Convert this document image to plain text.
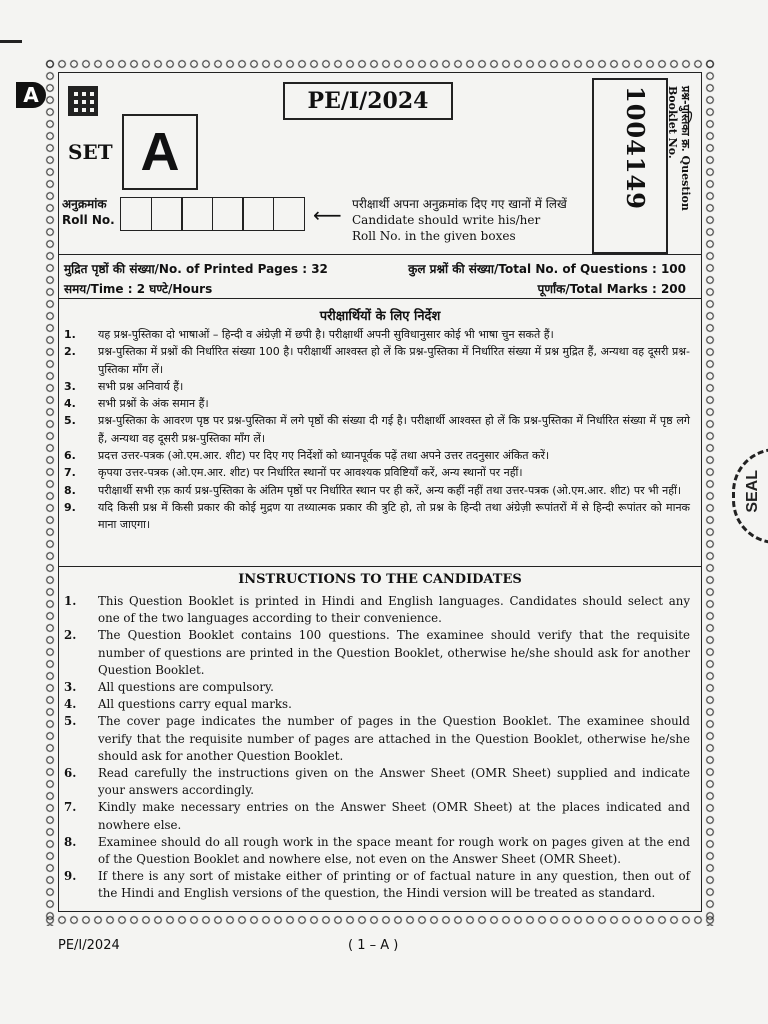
A	PE/I/2024
SET A
अनुक्रमांक
Roll No.	⟵ परीक्षार्थी अपना अनुक्रमांक दिए गए खानों में लिखें
Candidate should write his/her
Roll No. in the given boxes
1004149	प्रश्न-पुस्तिका क्र. Question Booklet No.
मुद्रित पृष्ठों की संख्या/No. of Printed Pages : 32
समय/Time : 2 घण्टे/Hours
कुल प्रश्नों की संख्या/Total No. of Questions : 100
पूर्णांक/Total Marks : 200
परीक्षार्थियों के लिए निर्देश
1.	यह प्रश्न-पुस्तिका दो भाषाओं – हिन्दी व अंग्रेज़ी में छपी है। परीक्षार्थी अपनी सुविधानुसार कोई भी भाषा चुन सकते हैं।
2.	प्रश्न-पुस्तिका में प्रश्नों की निर्धारित संख्या 100 है। परीक्षार्थी आश्वस्त हो लें कि प्रश्न-पुस्तिका में निर्धारित संख्या में प्रश्न मुद्रित हैं, अन्यथा वह दूसरी प्रश्न-पुस्तिका माँग लें।
3.	सभी प्रश्न अनिवार्य हैं।
4.	सभी प्रश्नों के अंक समान हैं।
5.	प्रश्न-पुस्तिका के आवरण पृष्ठ पर प्रश्न-पुस्तिका में लगे पृष्ठों की संख्या दी गई है। परीक्षार्थी आश्वस्त हो लें कि प्रश्न-पुस्तिका में निर्धारित संख्या में पृष्ठ लगे हैं, अन्यथा वह दूसरी प्रश्न-पुस्तिका माँग लें।
6.	प्रदत्त उत्तर-पत्रक (ओ.एम.आर. शीट) पर दिए गए निर्देशों को ध्यानपूर्वक पढ़ें तथा अपने उत्तर तदनुसार अंकित करें।
7.	कृपया उत्तर-पत्रक (ओ.एम.आर. शीट) पर निर्धारित स्थानों पर आवश्यक प्रविष्टियाँ करें, अन्य स्थानों पर नहीं।
8.	परीक्षार्थी सभी रफ़ कार्य प्रश्न-पुस्तिका के अंतिम पृष्ठों पर निर्धारित स्थान पर ही करें, अन्य कहीं नहीं तथा उत्तर-पत्रक (ओ.एम.आर. शीट) पर भी नहीं।
9.	यदि किसी प्रश्न में किसी प्रकार की कोई मुद्रण या तथ्यात्मक प्रकार की त्रुटि हो, तो प्रश्न के हिन्दी तथा अंग्रेज़ी रूपांतरों में से हिन्दी रूपांतर को मानक माना जाएगा।
INSTRUCTIONS TO THE CANDIDATES
1.	This Question Booklet is printed in Hindi and English languages. Candidates should select any one of the two languages according to their convenience.
2.	The Question Booklet contains 100 questions. The examinee should verify that the requisite number of questions are printed in the Question Booklet, otherwise he/she should ask for another Question Booklet.
3.	All questions are compulsory.
4.	All questions carry equal marks.
5.	The cover page indicates the number of pages in the Question Booklet. The examinee should verify that the requisite number of pages are attached in the Question Booklet, otherwise he/she should ask for another Question Booklet.
6.	Read carefully the instructions given on the Answer Sheet (OMR Sheet) supplied and indicate your answers accordingly.
7.	Kindly make necessary entries on the Answer Sheet (OMR Sheet) at the places indicated and nowhere else.
8.	Examinee should do all rough work in the space meant for rough work on pages given at the end of the Question Booklet and nowhere else, not even on the Answer Sheet (OMR Sheet).
9.	If there is any sort of mistake either of printing or of factual nature in any question, then out of the Hindi and English versions of the question, the Hindi version will be treated as standard.
PE/I/2024	( 1 – A )
SEAL
